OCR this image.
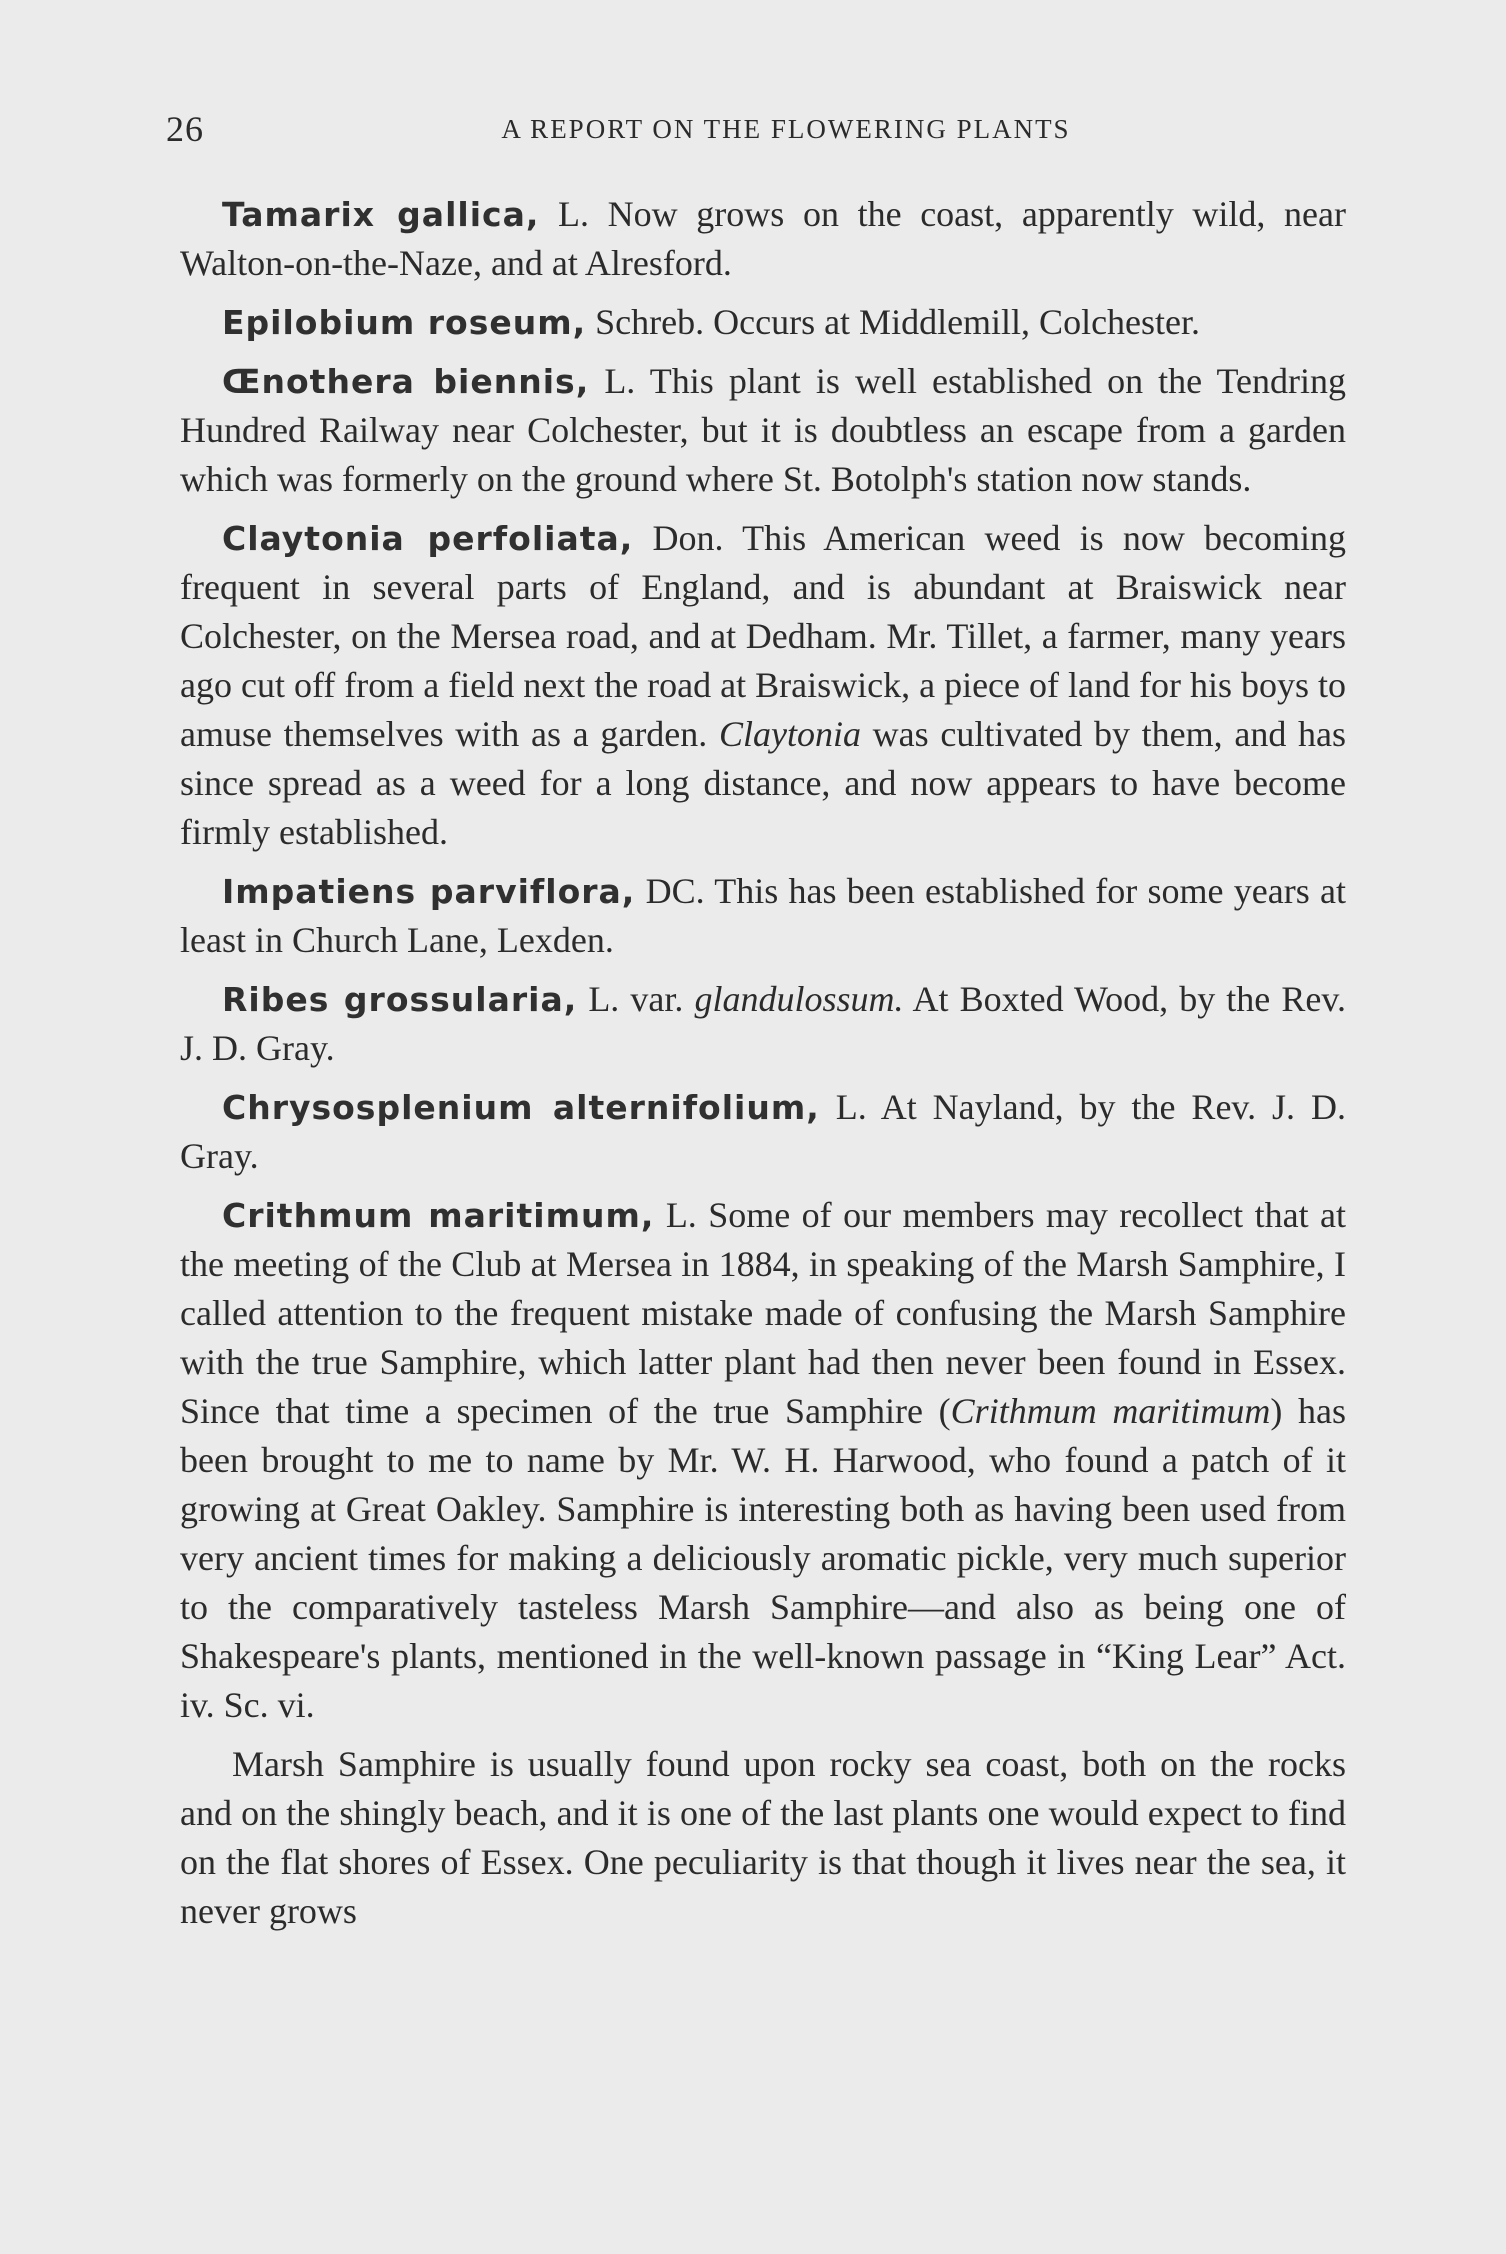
26	A REPORT ON THE FLOWERING PLANTS

Tamarix gallica, L. Now grows on the coast, apparently wild, near Walton-on-the-Naze, and at Alresford.

Epilobium roseum, Schreb. Occurs at Middlemill, Colchester.

Œnothera biennis, L. This plant is well established on the Tendring Hundred Railway near Colchester, but it is doubtless an escape from a garden which was formerly on the ground where St. Botolph's station now stands.

Claytonia perfoliata, Don. This American weed is now becoming frequent in several parts of England, and is abundant at Braiswick near Colchester, on the Mersea road, and at Dedham. Mr. Tillet, a farmer, many years ago cut off from a field next the road at Braiswick, a piece of land for his boys to amuse themselves with as a garden. Claytonia was cultivated by them, and has since spread as a weed for a long distance, and now appears to have become firmly established.

Impatiens parviflora, DC. This has been established for some years at least in Church Lane, Lexden.

Ribes grossularia, L. var. glandulossum. At Boxted Wood, by the Rev. J. D. Gray.

Chrysosplenium alternifolium, L. At Nayland, by the Rev. J. D. Gray.

Crithmum maritimum, L. Some of our members may recollect that at the meeting of the Club at Mersea in 1884, in speaking of the Marsh Samphire, I called attention to the frequent mistake made of confusing the Marsh Samphire with the true Samphire, which latter plant had then never been found in Essex. Since that time a specimen of the true Samphire (Crithmum maritimum) has been brought to me to name by Mr. W. H. Harwood, who found a patch of it growing at Great Oakley. Samphire is interesting both as having been used from very ancient times for making a deliciously aromatic pickle, very much superior to the comparatively tasteless Marsh Samphire—and also as being one of Shakespeare's plants, mentioned in the well-known passage in “King Lear” Act. iv. Sc. vi.

Marsh Samphire is usually found upon rocky sea coast, both on the rocks and on the shingly beach, and it is one of the last plants one would expect to find on the flat shores of Essex. One peculiarity is that though it lives near the sea, it never grows
